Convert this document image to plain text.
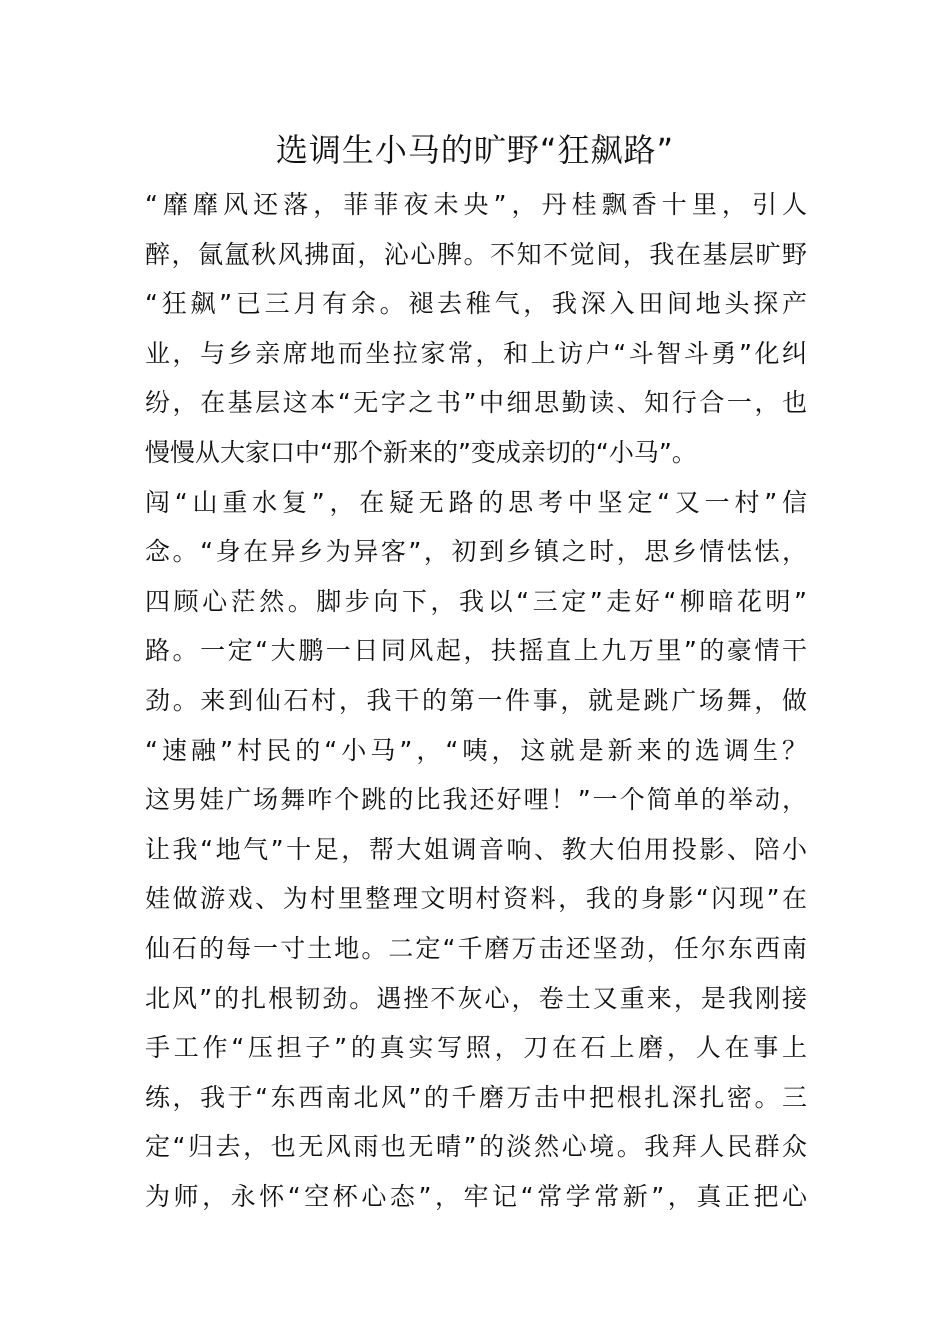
选调生小马的旷野“狂飙路”
“靡靡风还落，菲菲夜未央”，丹桂飘香十里，引人
醉，氤氲秋风拂面，沁心脾。不知不觉间，我在基层旷野
“狂飙”已三月有余。褪去稚气，我深入田间地头探产
业，与乡亲席地而坐拉家常，和上访户“斗智斗勇”化纠
纷，在基层这本“无字之书”中细思勤读、知行合一，也
慢慢从大家口中“那个新来的”变成亲切的“小马”。
闯“山重水复”，在疑无路的思考中坚定“又一村”信
念。“身在异乡为异客”，初到乡镇之时，思乡情怯怯，
四顾心茫然。脚步向下，我以“三定”走好“柳暗花明”
路。一定“大鹏一日同风起，扶摇直上九万里”的豪情干
劲。来到仙石村，我干的第一件事，就是跳广场舞，做
“速融”村民的“小马”，“咦，这就是新来的选调生？
这男娃广场舞咋个跳的比我还好哩！”一个简单的举动，
让我“地气”十足，帮大姐调音响、教大伯用投影、陪小
娃做游戏、为村里整理文明村资料，我的身影“闪现”在
仙石的每一寸土地。二定“千磨万击还坚劲，任尔东西南
北风”的扎根韧劲。遇挫不灰心，卷土又重来，是我刚接
手工作“压担子”的真实写照，刀在石上磨，人在事上
练，我于“东西南北风”的千磨万击中把根扎深扎密。三
定“归去，也无风雨也无晴”的淡然心境。我拜人民群众
为师，永怀“空杯心态”，牢记“常学常新”，真正把心
